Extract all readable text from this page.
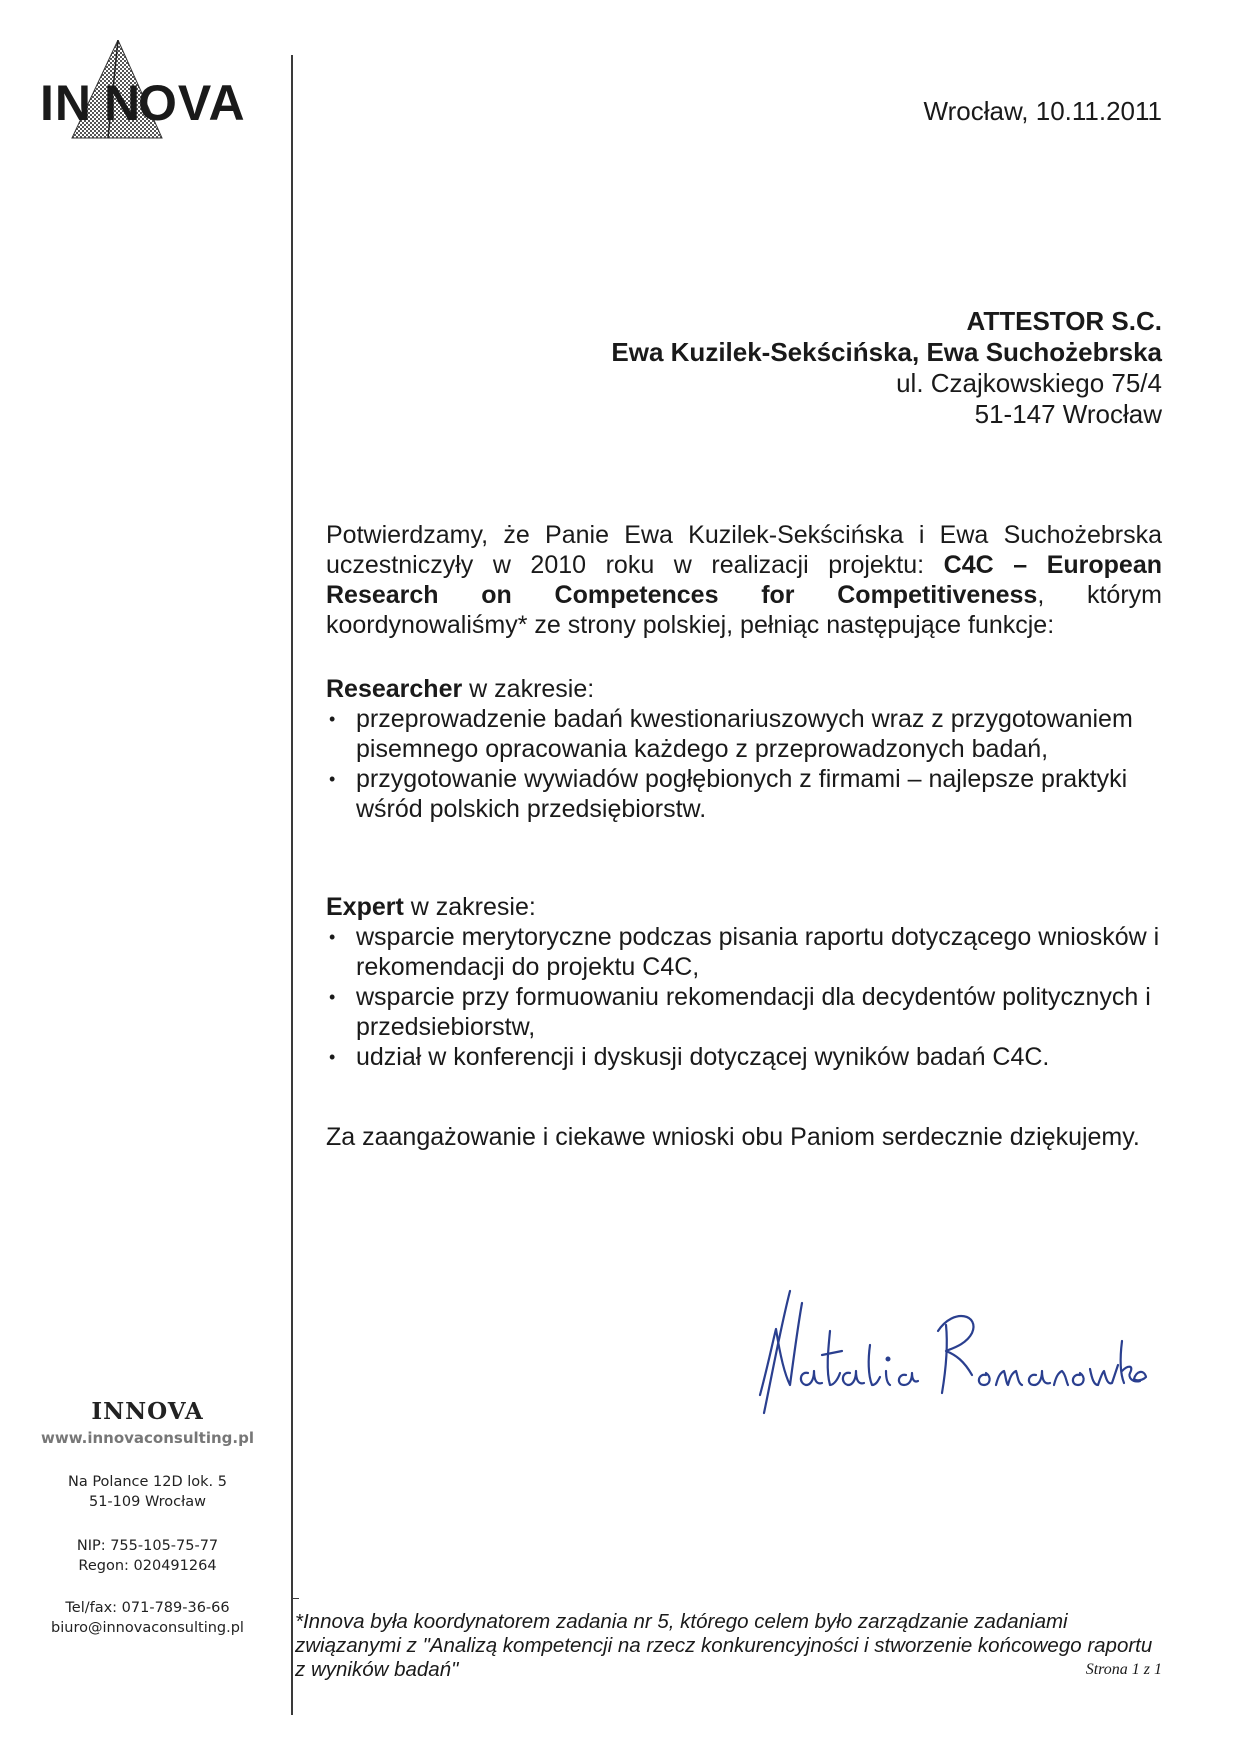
IN N
OVA
INNOVA
www.innovaconsulting.pl
Na Polance 12D lok. 5
51-109 Wrocław
NIP: 755-105-75-77
Regon: 020491264
Tel/fax: 071-789-36-66
biuro@innovaconsulting.pl
Wrocław, 10.11.2011
ATTESTOR S.C.
Ewa Kuzilek-Sekścińska, Ewa Suchożebrska
ul. Czajkowskiego 75/4
51-147 Wrocław
Potwierdzamy, że Panie Ewa Kuzilek-Sekścińska i Ewa Suchożebrska uczestniczyły w 2010 roku w realizacji projektu: C4C – European Research on Competences for Competitiveness, którym koordynowaliśmy* ze strony polskiej, pełniąc następujące funkcje:
Researcher w zakresie:
• przeprowadzenie badań kwestionariuszowych wraz z przygotowaniem pisemnego opracowania każdego z przeprowadzonych badań,
• przygotowanie wywiadów pogłębionych z firmami – najlepsze praktyki wśród polskich przedsiębiorstw.
Expert w zakresie:
• wsparcie merytoryczne podczas pisania raportu dotyczącego wniosków i rekomendacji do projektu C4C,
• wsparcie przy formuowaniu rekomendacji dla decydentów politycznych i przedsiebiorstw,
• udział w konferencji i dyskusji dotyczącej wyników badań C4C.
Za zaangażowanie i ciekawe wnioski obu Paniom serdecznie dziękujemy.
*Innova była koordynatorem zadania nr 5, którego celem było zarządzanie zadaniami związanymi z "Analizą kompetencji na rzecz konkurencyjności i stworzenie końcowego raportu z wyników badań"	Strona 1 z 1
